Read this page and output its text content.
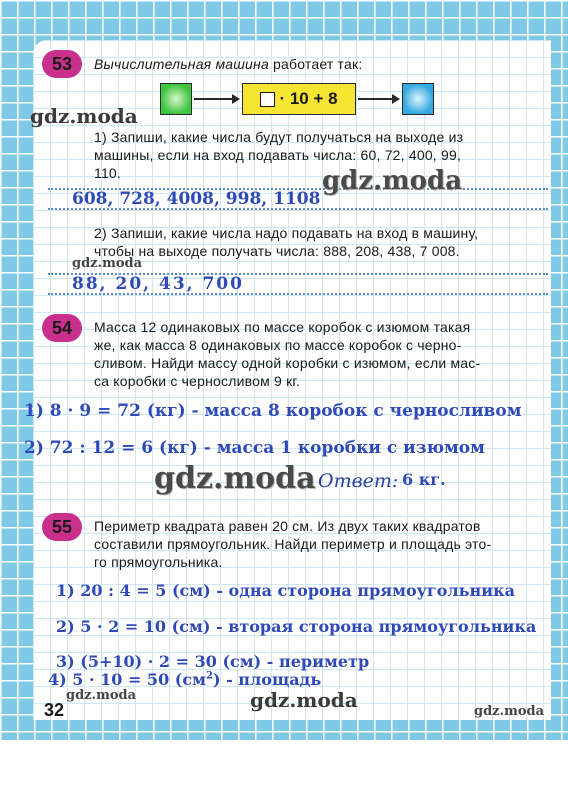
53	Вычислительная машина работает так:
· 10 + 8
1) Запиши, какие числа будут получаться на выходе из
машины, если на вход подавать числа: 60, 72, 400, 99,
110.
608, 728, 4008, 998, 1108
2) Запиши, какие числа надо подавать на вход в машину,
чтобы на выходе получать числа: 888, 208, 438, 7 008.
88, 20, 43, 700
54	Масса 12 одинаковых по массе коробок с изюмом такая
же, как масса 8 одинаковых по массе коробок с черно-
сливом. Найди массу одной коробки с изюмом, если мас-
са коробки с черносливом 9 кг.
1) 8 · 9 = 72 (кг) - масса 8 коробок с черносливом
2) 72 : 12 = 6 (кг) - масса 1 коробки с изюмом
Ответ: 6 кг.
55	Периметр квадрата равен 20 см. Из двух таких квадратов
составили прямоугольник. Найди периметр и площадь это-
го прямоугольника.
1) 20 : 4 = 5 (см) - одна сторона прямоугольника
2) 5 · 2 = 10 (см) - вторая сторона прямоугольника
3) (5+10) · 2 = 30 (см) - периметр
4) 5 · 10 = 50 $(см^2)$ - площадь
32
gdz.moda
gdz.moda
gdz.moda
gdz.moda
gdz.moda	gdz.moda	gdz.moda
